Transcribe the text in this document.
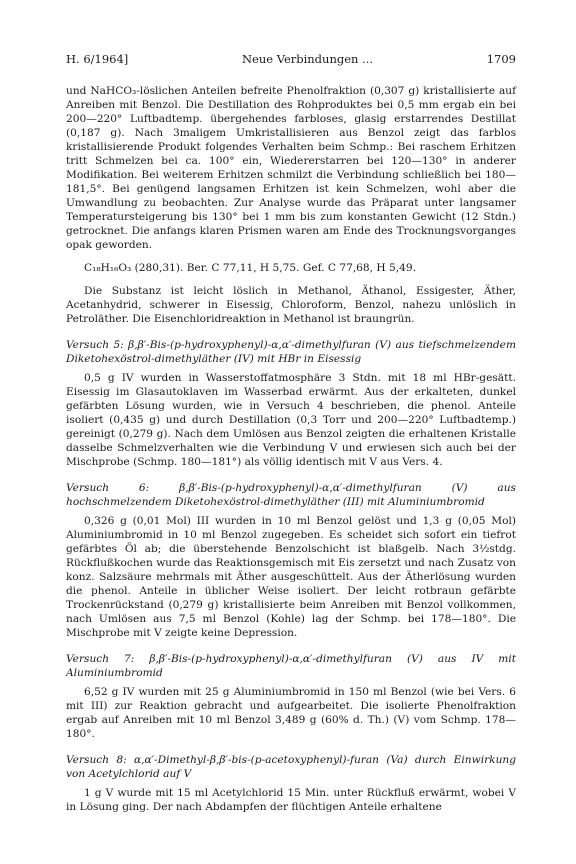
H. 6/1964]	Neue Verbindungen ...	1709

und NaHCO₃-löslichen Anteilen befreite Phenolfraktion (0,307 g) kristallisierte auf Anreiben mit Benzol. Die Destillation des Rohproduktes bei 0,5 mm ergab ein bei 200—220° Luftbadtemp. übergehendes farbloses, glasig erstarrendes Destillat (0,187 g). Nach 3maligem Umkristallisieren aus Benzol zeigt das farblos kristallisierende Produkt folgendes Verhalten beim Schmp.: Bei raschem Erhitzen tritt Schmelzen bei ca. 100° ein, Wiedererstarren bei 120—130° in anderer Modifikation. Bei weiterem Erhitzen schmilzt die Verbindung schließlich bei 180—181,5°. Bei genügend langsamen Erhitzen ist kein Schmelzen, wohl aber die Umwandlung zu beobachten. Zur Analyse wurde das Präparat unter langsamer Temperatursteigerung bis 130° bei 1 mm bis zum konstanten Gewicht (12 Stdn.) getrocknet. Die anfangs klaren Prismen waren am Ende des Trocknungsvorganges opak geworden.

C₁₈H₁₆O₃ (280,31). Ber. C 77,11, H 5,75. Gef. C 77,68, H 5,49.

Die Substanz ist leicht löslich in Methanol, Äthanol, Essigester, Äther, Acetanhydrid, schwerer in Eisessig, Chloroform, Benzol, nahezu unlöslich in Petroläther. Die Eisenchloridreaktion in Methanol ist braungrün.

Versuch 5: β,β′-Bis-(p-hydroxyphenyl)-α,α′-dimethylfuran (V) aus tiefschmelzendem Diketohexöstrol-dimethyläther (IV) mit HBr in Eisessig

0,5 g IV wurden in Wasserstoffatmosphäre 3 Stdn. mit 18 ml HBr-gesätt. Eisessig im Glasautoklaven im Wasserbad erwärmt. Aus der erkalteten, dunkel gefärbten Lösung wurden, wie in Versuch 4 beschrieben, die phenol. Anteile isoliert (0,435 g) und durch Destillation (0,3 Torr und 200—220° Luftbadtemp.) gereinigt (0,279 g). Nach dem Umlösen aus Benzol zeigten die erhaltenen Kristalle dasselbe Schmelzverhalten wie die Verbindung V und erwiesen sich auch bei der Mischprobe (Schmp. 180—181°) als völlig identisch mit V aus Vers. 4.

Versuch 6: β,β′-Bis-(p-hydroxyphenyl)-α,α′-dimethylfuran (V) aus hochschmelzendem Diketohexöstrol-dimethyläther (III) mit Aluminiumbromid

0,326 g (0,01 Mol) III wurden in 10 ml Benzol gelöst und 1,3 g (0,05 Mol) Aluminiumbromid in 10 ml Benzol zugegeben. Es scheidet sich sofort ein tiefrot gefärbtes Öl ab; die überstehende Benzolschicht ist blaßgelb. Nach 3½stdg. Rückflußkochen wurde das Reaktionsgemisch mit Eis zersetzt und nach Zusatz von konz. Salzsäure mehrmals mit Äther ausgeschüttelt. Aus der Ätherlösung wurden die phenol. Anteile in üblicher Weise isoliert. Der leicht rotbraun gefärbte Trockenrückstand (0,279 g) kristallisierte beim Anreiben mit Benzol vollkommen, nach Umlösen aus 7,5 ml Benzol (Kohle) lag der Schmp. bei 178—180°. Die Mischprobe mit V zeigte keine Depression.

Versuch 7: β,β′-Bis-(p-hydroxyphenyl)-α,α′-dimethylfuran (V) aus IV mit Aluminiumbromid

6,52 g IV wurden mit 25 g Aluminiumbromid in 150 ml Benzol (wie bei Vers. 6 mit III) zur Reaktion gebracht und aufgearbeitet. Die isolierte Phenolfraktion ergab auf Anreiben mit 10 ml Benzol 3,489 g (60% d. Th.) (V) vom Schmp. 178—180°.

Versuch 8: α,α′-Dimethyl-β,β′-bis-(p-acetoxyphenyl)-furan (Va) durch Einwirkung von Acetylchlorid auf V

1 g V wurde mit 15 ml Acetylchlorid 15 Min. unter Rückfluß erwärmt, wobei V in Lösung ging. Der nach Abdampfen der flüchtigen Anteile erhaltene
